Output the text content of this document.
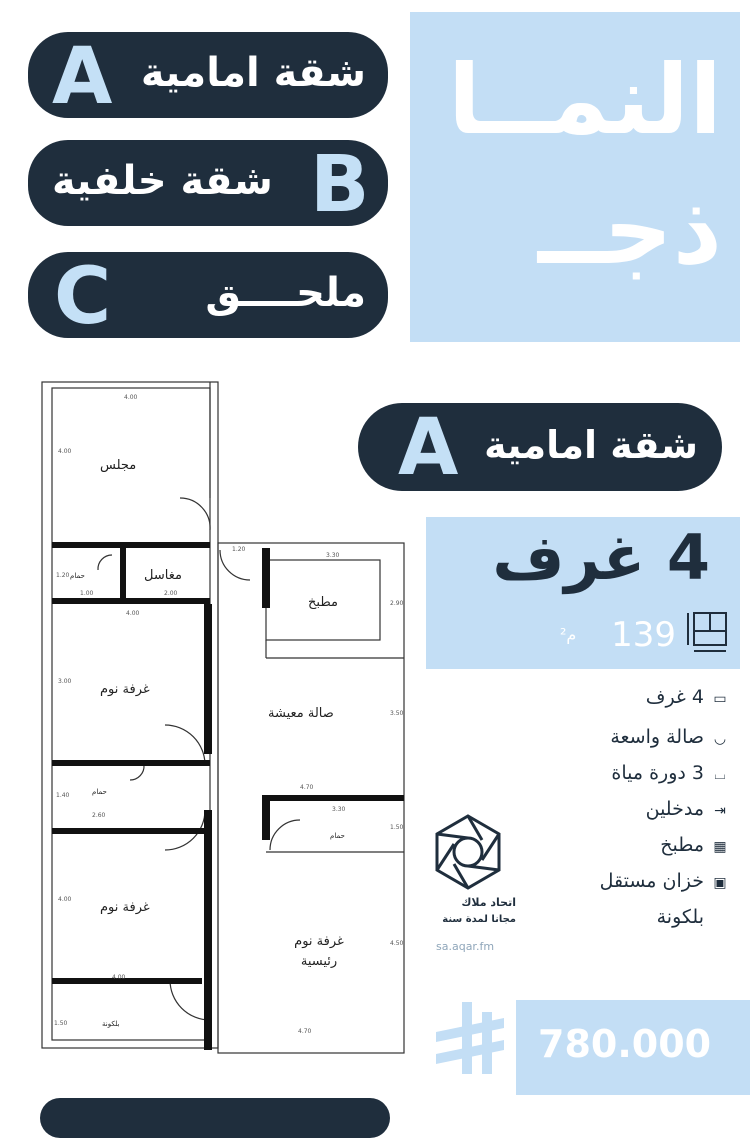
شقة امامية
A
شقة خلفية B
ملحــــق
C
النمــا
ذجــ
مجلس
مغاسل
حمام
مطبخ
غرفة نوم
صالة معيشة
حمام
حمام
غرفة نوم
غرفة نوم رئيسية
بلكونة
4.00
4.00
1.20
3.30
1.20
1.00	2.00
2.90
4.00
3.00
3.50
4.70
3.30
1.40
2.60
1.50
4.00
4.00
4.50
1.50
4.70
شقة امامية
A
4 غرف
139
م²
4 غرف ▭
صالة واسعة ◡
3 دورة مياة ⌴
مدخلين ⇥
مطبخ ▦
خزان مستقل ▣
بلكونة
اتحاد ملاك
مجانا لمدة سنة
sa.aqar.fm
780.000
